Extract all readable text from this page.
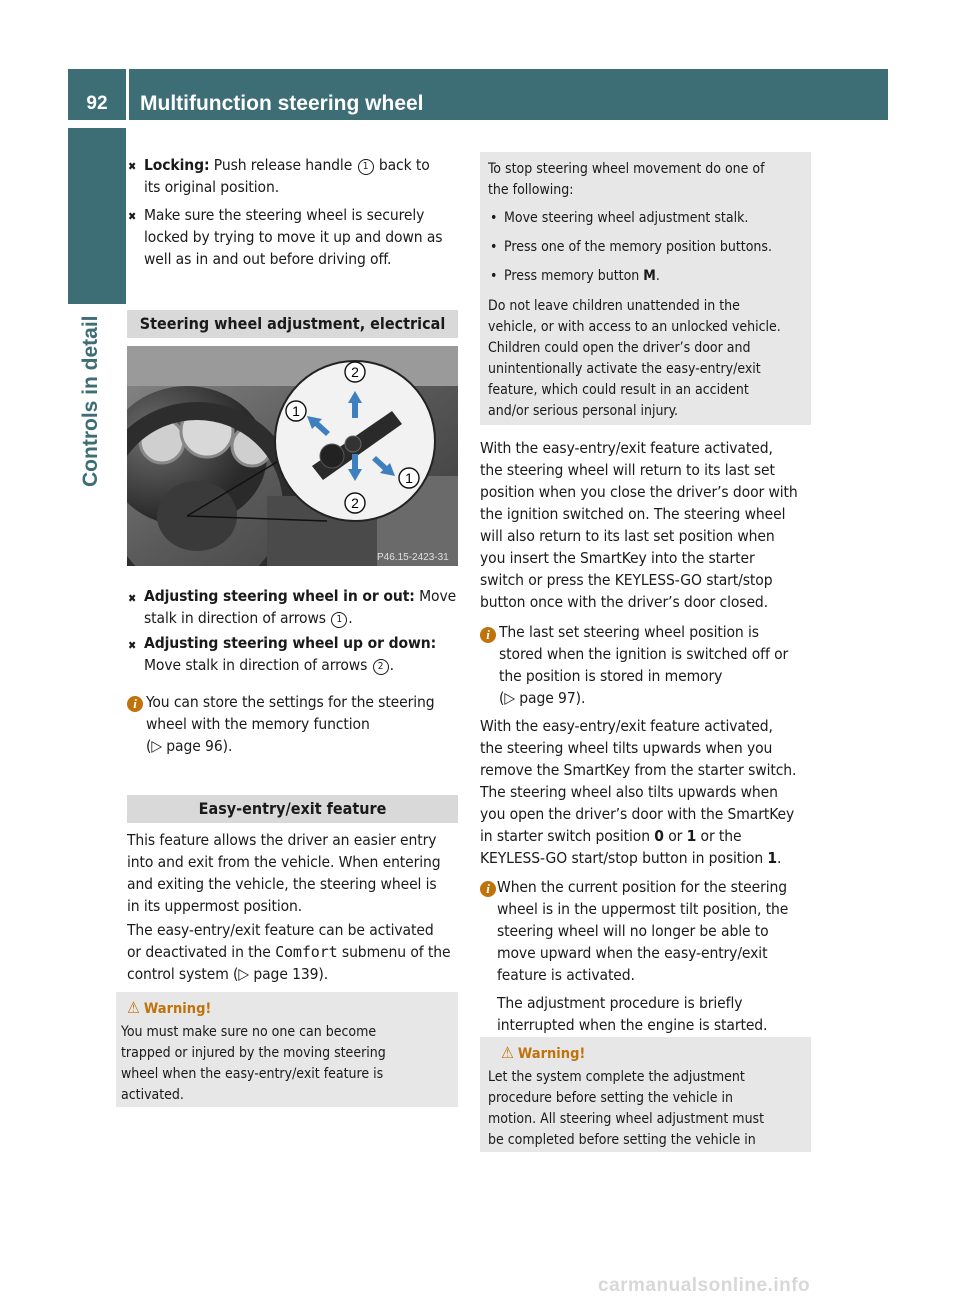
92	Multifunction steering wheel
Controls in detail
✖ Locking: Push release handle 1 back to
its original position.
✖ Make sure the steering wheel is securely
locked by trying to move it up and down as
well as in and out before driving off.
Steering wheel adjustment, electrical
2
2
1
1
P46.15-2423-31
✖ Adjusting steering wheel in or out: Move
stalk in direction of arrows 1 .
✖ Adjusting steering wheel up or down:
Move stalk in direction of arrows 2 .
i You can store the settings for the steering
wheel with the memory function
(▷ page 96).
Easy-entry/exit feature
This feature allows the driver an easier entry
into and exit from the vehicle. When entering
and exiting the vehicle, the steering wheel is
in its uppermost position.
The easy-entry/exit feature can be activated
or deactivated in the Comfort submenu of the
control system (▷ page 139).
⚠ Warning!
You must make sure no one can become
trapped or injured by the moving steering
wheel when the easy-entry/exit feature is
activated.
To stop steering wheel movement do one of
the following:
• Move steering wheel adjustment stalk.
• Press one of the memory position buttons.
• Press memory button M.
Do not leave children unattended in the
vehicle, or with access to an unlocked vehicle.
Children could open the driver’s door and
unintentionally activate the easy-entry/exit
feature, which could result in an accident
and/or serious personal injury.
With the easy-entry/exit feature activated,
the steering wheel will return to its last set
position when you close the driver’s door with
the ignition switched on. The steering wheel
will also return to its last set position when
you insert the SmartKey into the starter
switch or press the KEYLESS-GO start/stop
button once with the driver’s door closed.
i The last set steering wheel position is
stored when the ignition is switched off or
the position is stored in memory
(▷ page 97).
With the easy-entry/exit feature activated,
the steering wheel tilts upwards when you
remove the SmartKey from the starter switch.
The steering wheel also tilts upwards when
you open the driver’s door with the SmartKey
in starter switch position 0 or 1 or the
KEYLESS-GO start/stop button in position 1.
i When the current position for the steering
wheel is in the uppermost tilt position, the
steering wheel will no longer be able to
move upward when the easy-entry/exit
feature is activated.
The adjustment procedure is briefly
interrupted when the engine is started.
⚠ Warning!
Let the system complete the adjustment
procedure before setting the vehicle in
motion. All steering wheel adjustment must
be completed before setting the vehicle in
carmanualsonline.info
